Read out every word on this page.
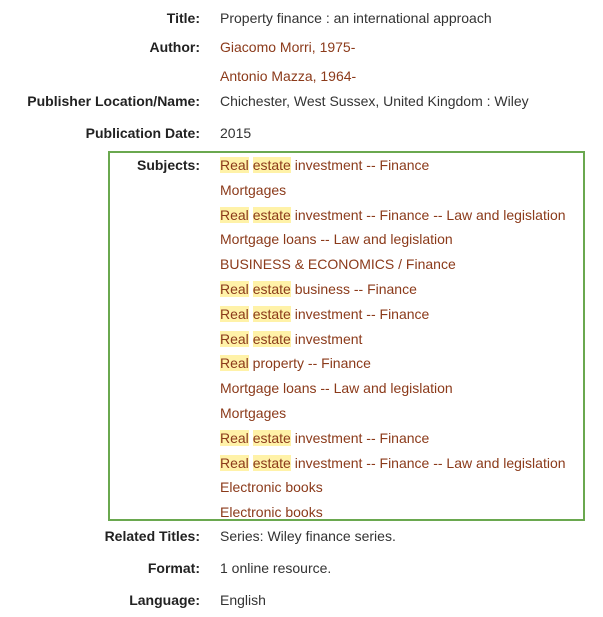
Title: Property finance : an international approach
Author: Giacomo Morri, 1975-
Antonio Mazza, 1964-
Publisher Location/Name: Chichester, West Sussex, United Kingdom : Wiley
Publication Date: 2015
Subjects: Real estate investment -- Finance
Mortgages
Real estate investment -- Finance -- Law and legislation
Mortgage loans -- Law and legislation
BUSINESS & ECONOMICS / Finance
Real estate business -- Finance
Real estate investment -- Finance
Real estate investment
Real property -- Finance
Mortgage loans -- Law and legislation
Mortgages
Real estate investment -- Finance
Real estate investment -- Finance -- Law and legislation
Electronic books
Electronic books
Related Titles: Series: Wiley finance series.
Format: 1 online resource.
Language: English
